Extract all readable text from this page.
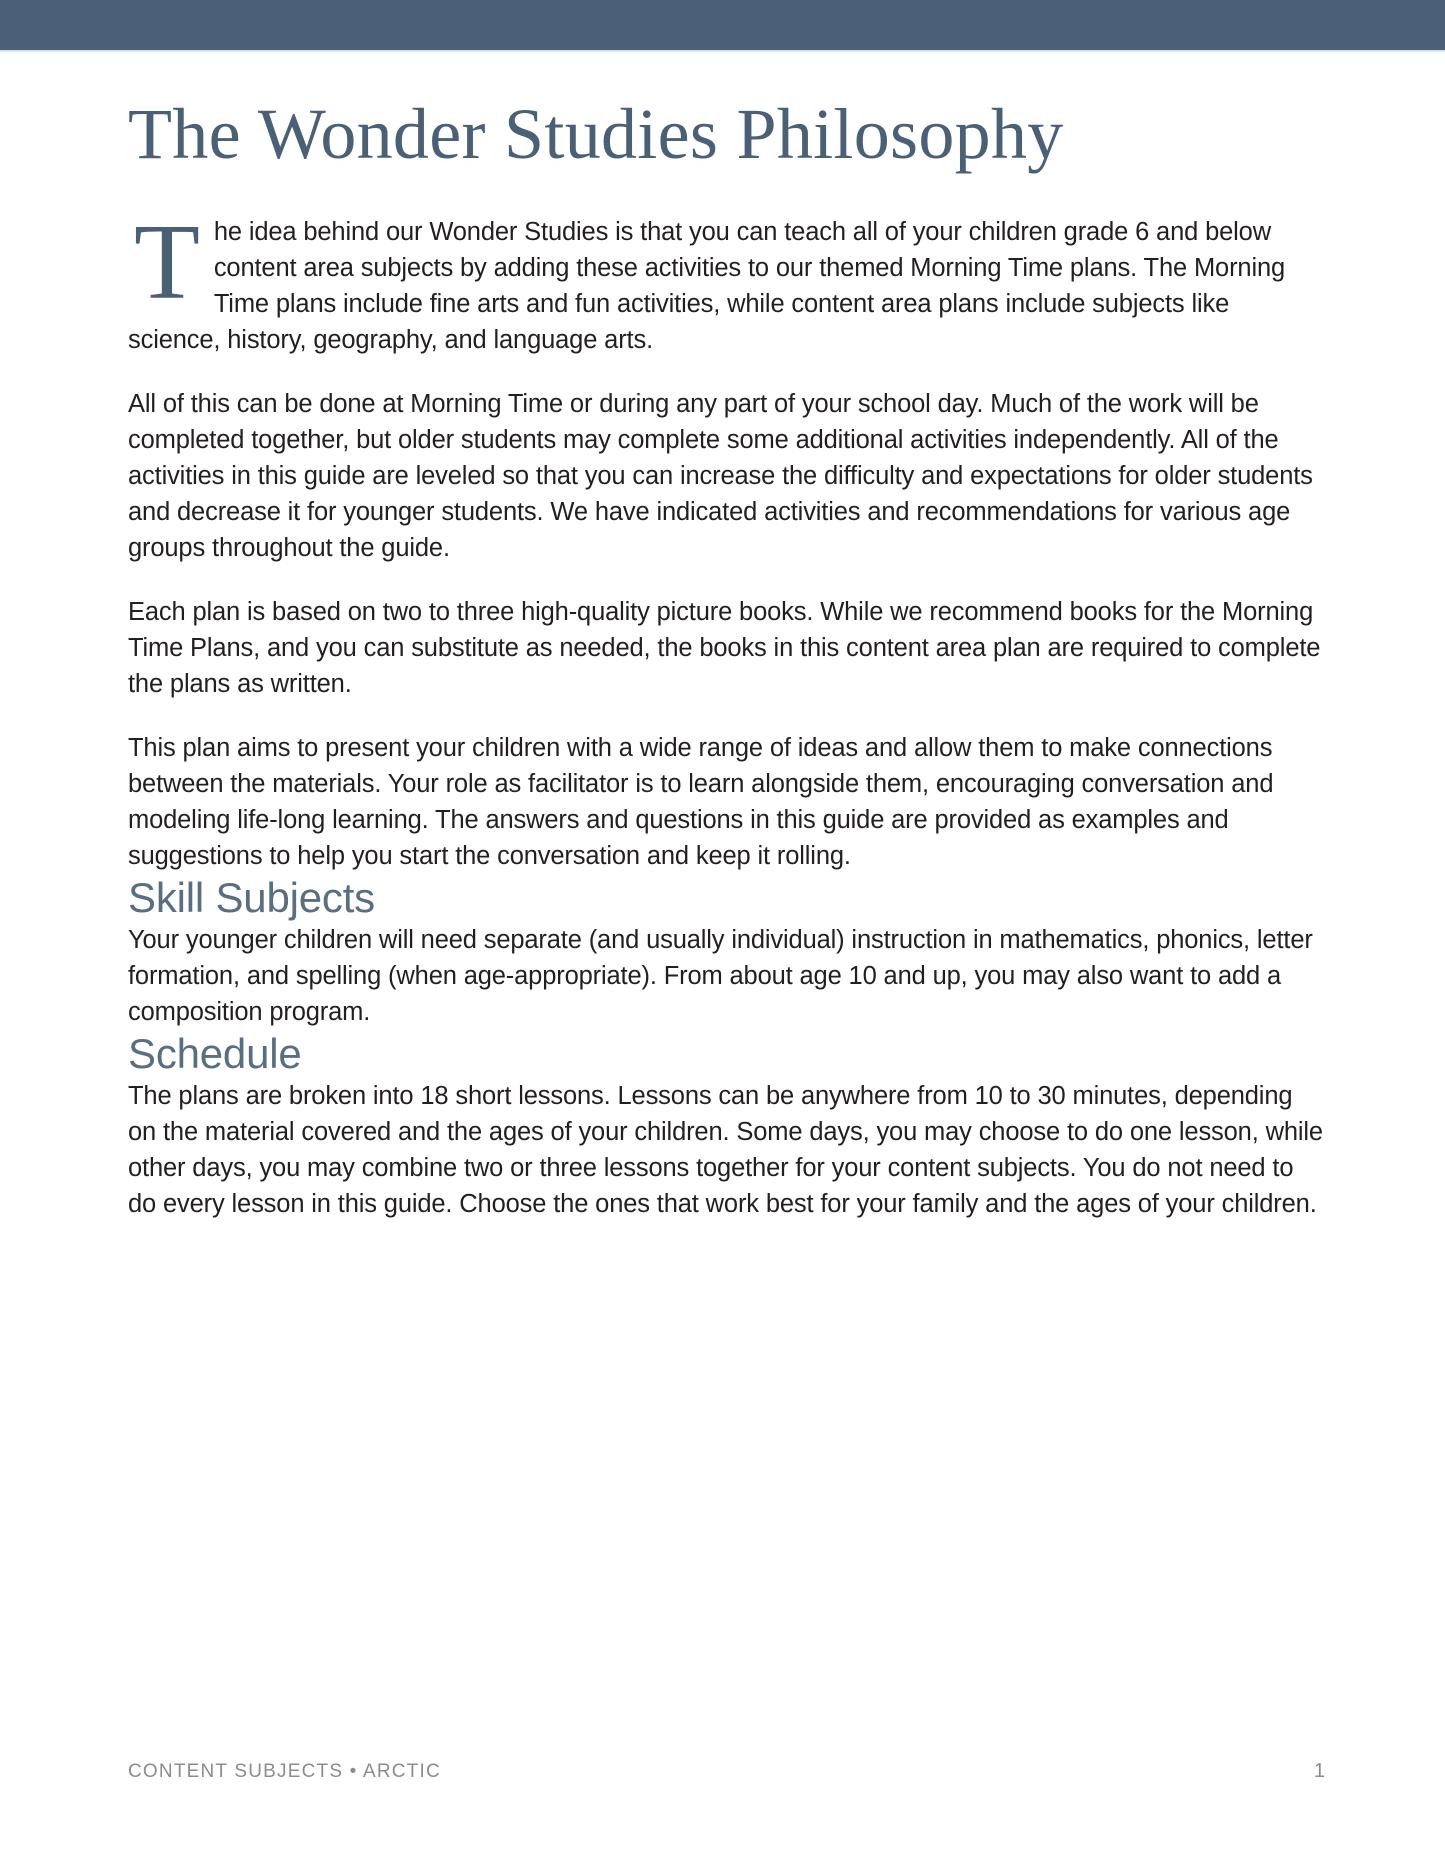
The Wonder Studies Philosophy

The idea behind our Wonder Studies is that you can teach all of your children grade 6 and below content area subjects by adding these activities to our themed Morning Time plans. The Morning Time plans include fine arts and fun activities, while content area plans include subjects like science, history, geography, and language arts.

All of this can be done at Morning Time or during any part of your school day. Much of the work will be completed together, but older students may complete some additional activities independently. All of the activities in this guide are leveled so that you can increase the difficulty and expectations for older students and decrease it for younger students. We have indicated activities and recommendations for various age groups throughout the guide.

Each plan is based on two to three high-quality picture books. While we recommend books for the Morning Time Plans, and you can substitute as needed, the books in this content area plan are required to complete the plans as written.

This plan aims to present your children with a wide range of ideas and allow them to make connections between the materials. Your role as facilitator is to learn alongside them, encouraging conversation and modeling life-long learning. The answers and questions in this guide are provided as examples and suggestions to help you start the conversation and keep it rolling.

Skill Subjects

Your younger children will need separate (and usually individual) instruction in mathematics, phonics, letter formation, and spelling (when age-appropriate). From about age 10 and up, you may also want to add a composition program.

Schedule

The plans are broken into 18 short lessons. Lessons can be anywhere from 10 to 30 minutes, depending on the material covered and the ages of your children. Some days, you may choose to do one lesson, while other days, you may combine two or three lessons together for your content subjects. You do not need to do every lesson in this guide. Choose the ones that work best for your family and the ages of your children.

CONTENT SUBJECTS • ARCTIC	1
